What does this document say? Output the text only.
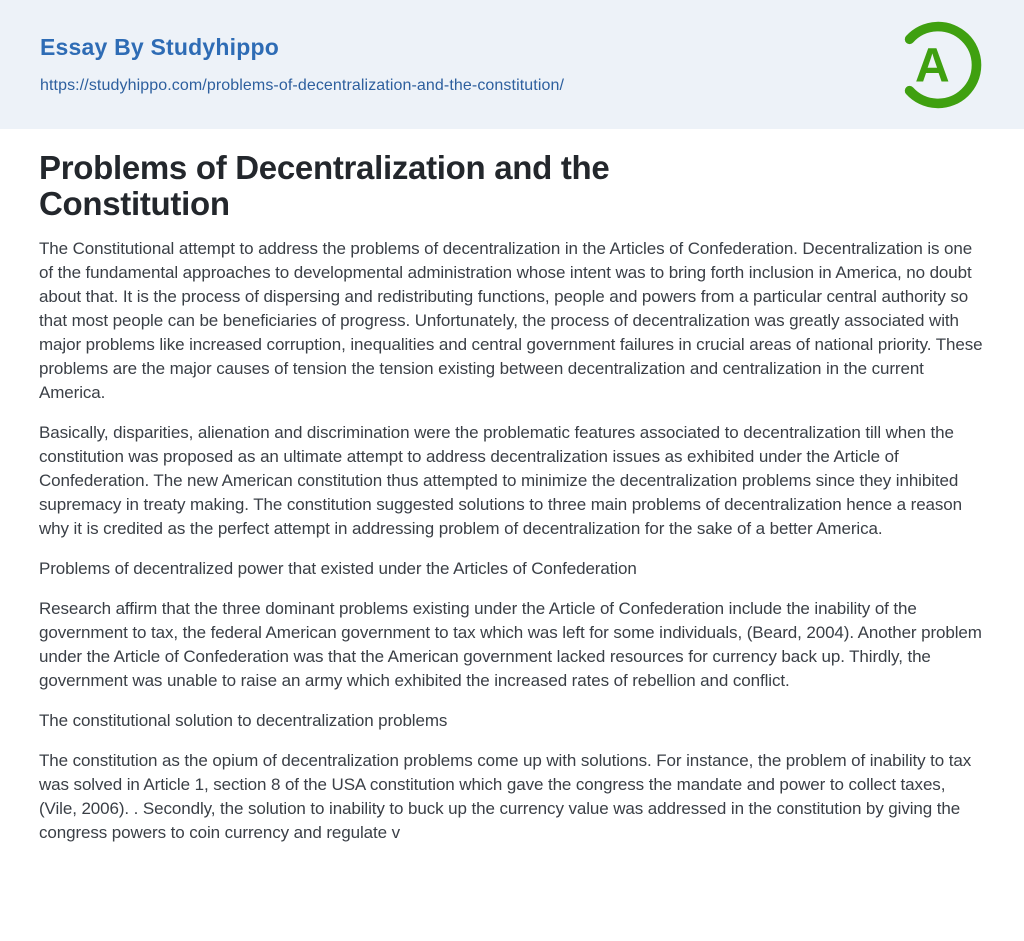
Essay By Studyhippo
https://studyhippo.com/problems-of-decentralization-and-the-constitution/	A
Problems of Decentralization and the Constitution

The Constitutional attempt to address the problems of decentralization in the Articles of Confederation. Decentralization is one of the fundamental approaches to developmental administration whose intent was to bring forth inclusion in America, no doubt about that. It is the process of dispersing and redistributing functions, people and powers from a particular central authority so that most people can be beneficiaries of progress. Unfortunately, the process of decentralization was greatly associated with major problems like increased corruption, inequalities and central government failures in crucial areas of national priority. These problems are the major causes of tension the tension existing between decentralization and centralization in the current America.

Basically, disparities, alienation and discrimination were the problematic features associated to decentralization till when the constitution was proposed as an ultimate attempt to address decentralization issues as exhibited under the Article of Confederation. The new American constitution thus attempted to minimize the decentralization problems since they inhibited supremacy in treaty making. The constitution suggested solutions to three main problems of decentralization hence a reason why it is credited as the perfect attempt in addressing problem of decentralization for the sake of a better America.

Problems of decentralized power that existed under the Articles of Confederation

Research affirm that the three dominant problems existing under the Article of Confederation include the inability of the government to tax, the federal American government to tax which was left for some individuals, (Beard, 2004). Another problem under the Article of Confederation was that the American government lacked resources for currency back up. Thirdly, the government was unable to raise an army which exhibited the increased rates of rebellion and conflict.

The constitutional solution to decentralization problems

The constitution as the opium of decentralization problems come up with solutions. For instance, the problem of inability to tax was solved in Article 1, section 8 of the USA constitution which gave the congress the mandate and power to collect taxes, (Vile, 2006). . Secondly, the solution to inability to buck up the currency value was addressed in the constitution by giving the congress powers to coin currency and regulate v
